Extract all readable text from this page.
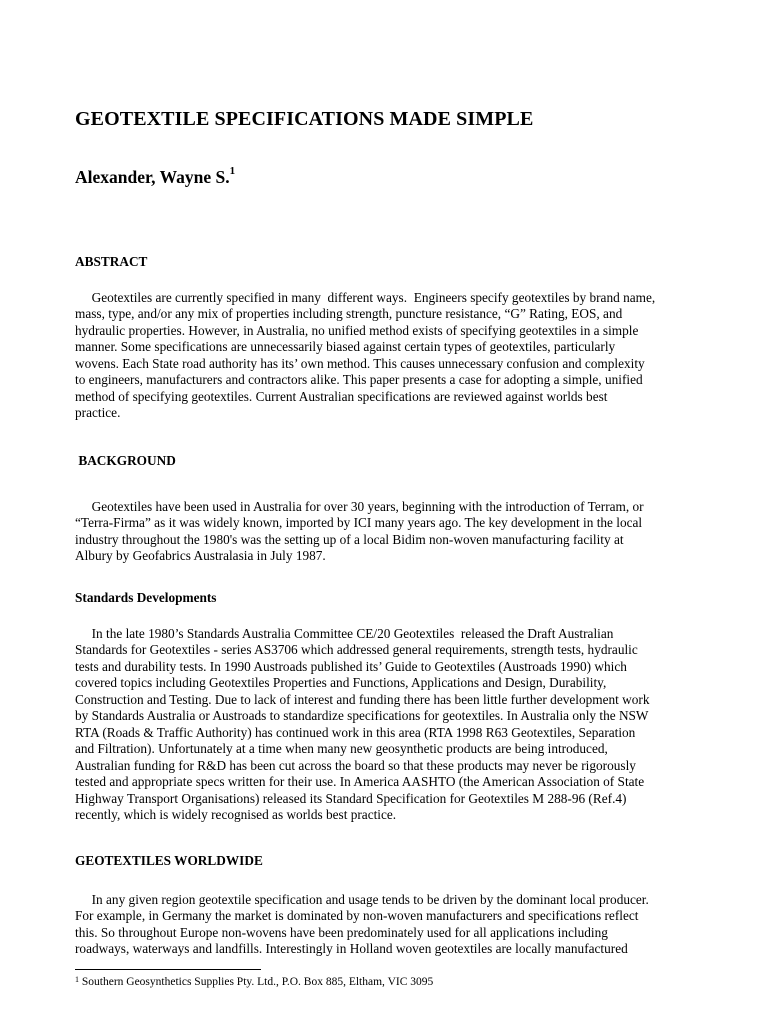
GEOTEXTILE SPECIFICATIONS MADE SIMPLE
Alexander, Wayne S.$^1$
ABSTRACT
Geotextiles are currently specified in many  different ways.  Engineers specify geotextiles by brand name,
mass, type, and/or any mix of properties including strength, puncture resistance, “G” Rating, EOS, and
hydraulic properties. However, in Australia, no unified method exists of specifying geotextiles in a simple
manner. Some specifications are unnecessarily biased against certain types of geotextiles, particularly
wovens. Each State road authority has its’ own method. This causes unnecessary confusion and complexity
to engineers, manufacturers and contractors alike. This paper presents a case for adopting a simple, unified
method of specifying geotextiles. Current Australian specifications are reviewed against worlds best
practice.
BACKGROUND
Geotextiles have been used in Australia for over 30 years, beginning with the introduction of Terram, or
“Terra-Firma” as it was widely known, imported by ICI many years ago. The key development in the local
industry throughout the 1980's was the setting up of a local Bidim non-woven manufacturing facility at
Albury by Geofabrics Australasia in July 1987.
Standards Developments
In the late 1980’s Standards Australia Committee CE/20 Geotextiles  released the Draft Australian
Standards for Geotextiles - series AS3706 which addressed general requirements, strength tests, hydraulic
tests and durability tests. In 1990 Austroads published its’ Guide to Geotextiles (Austroads 1990) which
covered topics including Geotextiles Properties and Functions, Applications and Design, Durability,
Construction and Testing. Due to lack of interest and funding there has been little further development work
by Standards Australia or Austroads to standardize specifications for geotextiles. In Australia only the NSW
RTA (Roads & Traffic Authority) has continued work in this area (RTA 1998 R63 Geotextiles, Separation
and Filtration). Unfortunately at a time when many new geosynthetic products are being introduced,
Australian funding for R&D has been cut across the board so that these products may never be rigorously
tested and appropriate specs written for their use. In America AASHTO (the American Association of State
Highway Transport Organisations) released its Standard Specification for Geotextiles M 288-96 (Ref.4)
recently, which is widely recognised as worlds best practice.
GEOTEXTILES WORLDWIDE
In any given region geotextile specification and usage tends to be driven by the dominant local producer.
For example, in Germany the market is dominated by non-woven manufacturers and specifications reflect
this. So throughout Europe non-wovens have been predominately used for all applications including
roadways, waterways and landfills. Interestingly in Holland woven geotextiles are locally manufactured

$^1$ Southern Geosynthetics Supplies Pty. Ltd., P.O. Box 885, Eltham, VIC 3095
